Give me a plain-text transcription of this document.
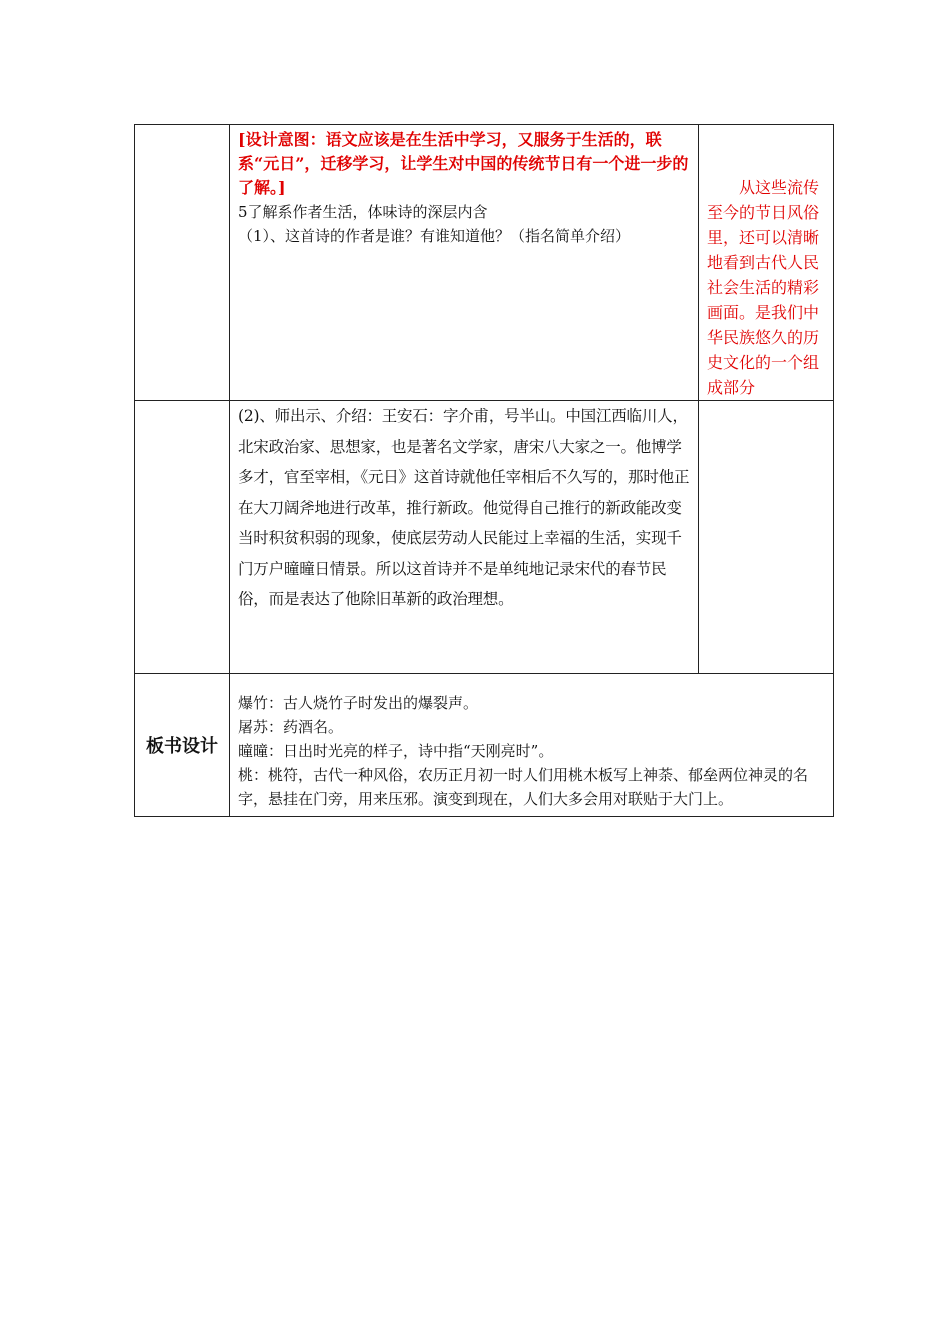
	[设计意图：语文应该是在生活中学习，又服务于生活的，联系“元日”，迁移学习，让学生对中国的传统节日有一个进一步的了解。]
5了解系作者生活，体味诗的深层内含
（1）、这首诗的作者是谁？有谁知道他？（指名简单介绍）	从这些流传至今的节日风俗里，还可以清晰地看到古代人民社会生活的精彩画面。是我们中华民族悠久的历史文化的一个组成部分

	(2)、师出示、介绍：王安石：字介甫，号半山。中国江西临川人，北宋政治家、思想家，也是著名文学家，唐宋八大家之一。他博学多才，官至宰相，《元日》这首诗就他任宰相后不久写的，那时他正在大刀阔斧地进行改革，推行新政。他觉得自己推行的新政能改变当时积贫积弱的现象，使底层劳动人民能过上幸福的生活，实现千门万户曈曈日情景。所以这首诗并不是单纯地记录宋代的春节民俗，而是表达了他除旧革新的政治理想。	

板书设计	爆竹：古人烧竹子时发出的爆裂声。
屠苏：药酒名。
曈曈：日出时光亮的样子，诗中指“天刚亮时”。
桃：桃符，古代一种风俗，农历正月初一时人们用桃木板写上神荼、郁垒两位神灵的名字，悬挂在门旁，用来压邪。演变到现在，人们大多会用对联贴于大门上。	
